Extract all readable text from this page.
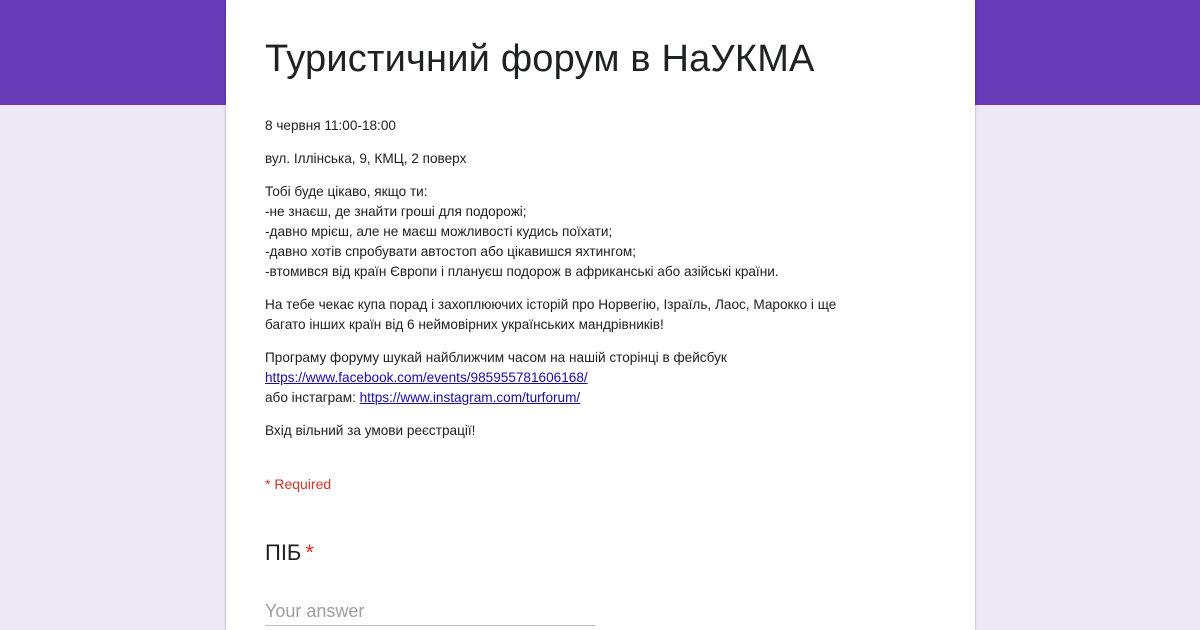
Туристичний форум в НаУКМА

8 червня 11:00-18:00

вул. Іллінська, 9, КМЦ, 2 поверх

Тобі буде цікаво, якщо ти:
-не знаєш, де знайти гроші для подорожі;
-давно мрієш, але не маєш можливості кудись поїхати;
-давно хотів спробувати автостоп або цікавишся яхтингом;
-втомився від країн Європи і плануєш подорож в африканські або азійські країни.

На тебе чекає купа порад і захоплюючих історій про Норвегію, Ізраїль, Лаос, Марокко і ще
багато інших країн від 6 неймовірних українських мандрівників!

Програму форуму шукай найближчим часом на нашій сторінці в фейсбук
https://www.facebook.com/events/985955781606168/
або інстаграм: https://www.instagram.com/turforum/

Вхід вільний за умови реєстрації!

* Required
ПІБ *
Your answer
